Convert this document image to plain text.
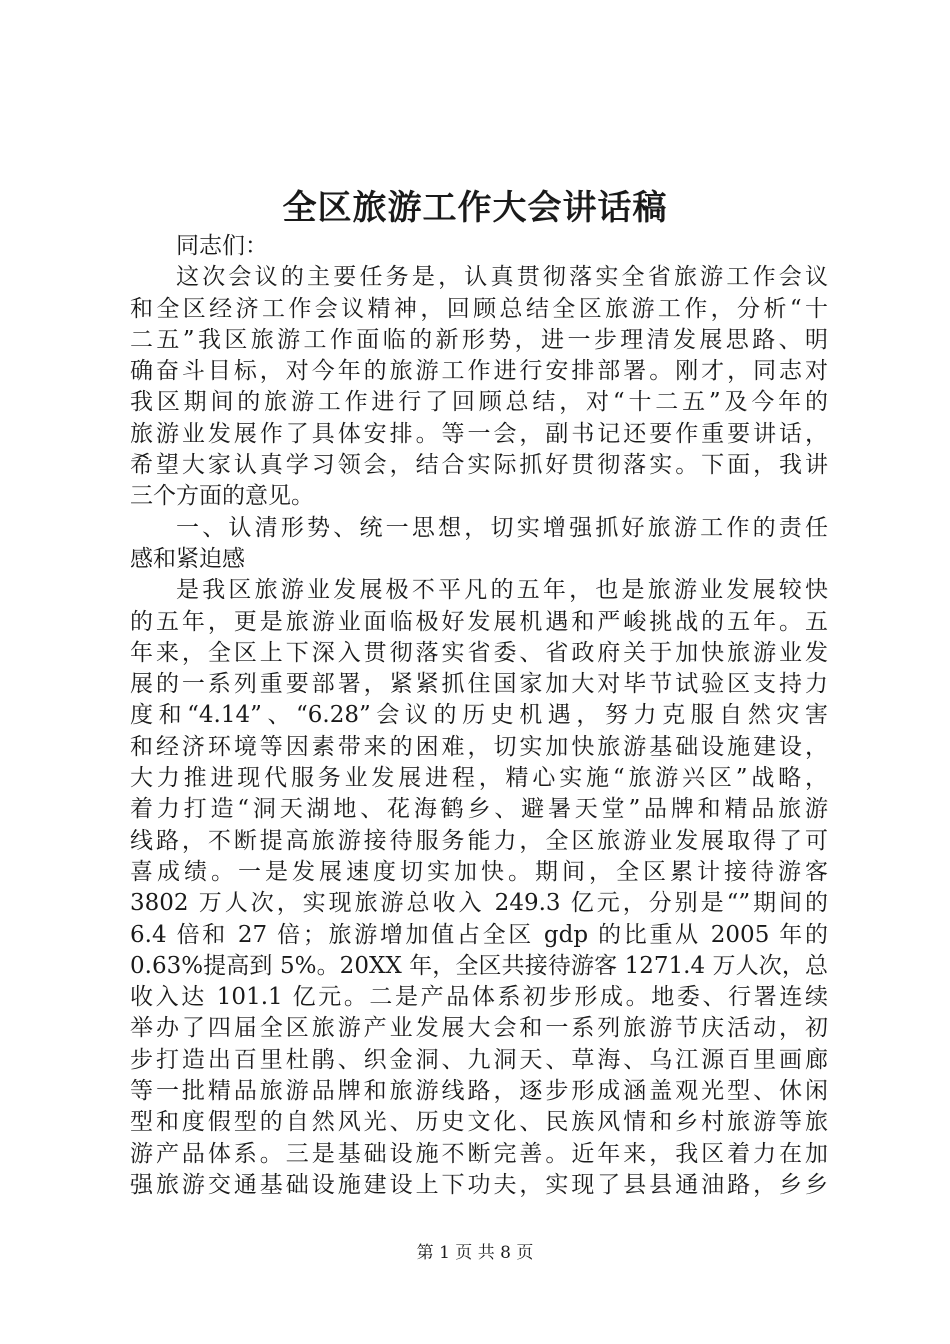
全区旅游工作大会讲话稿
同志们：
这次会议的主要任务是，认真贯彻落实全省旅游工作会议
和全区经济工作会议精神，回顾总结全区旅游工作，分析“十
二五”我区旅游工作面临的新形势，进一步理清发展思路、明
确奋斗目标，对今年的旅游工作进行安排部署。刚才，同志对
我区期间的旅游工作进行了回顾总结，对“十二五”及今年的
旅游业发展作了具体安排。等一会，副书记还要作重要讲话，
希望大家认真学习领会，结合实际抓好贯彻落实。下面，我讲
三个方面的意见。
一、认清形势、统一思想，切实增强抓好旅游工作的责任
感和紧迫感
是我区旅游业发展极不平凡的五年，也是旅游业发展较快
的五年，更是旅游业面临极好发展机遇和严峻挑战的五年。五
年来，全区上下深入贯彻落实省委、省政府关于加快旅游业发
展的一系列重要部署，紧紧抓住国家加大对毕节试验区支持力
度和“4.14”、“6.28”会议的历史机遇，努力克服自然灾害
和经济环境等因素带来的困难，切实加快旅游基础设施建设，
大力推进现代服务业发展进程，精心实施“旅游兴区”战略，
着力打造“洞天湖地、花海鹤乡、避暑天堂”品牌和精品旅游
线路，不断提高旅游接待服务能力，全区旅游业发展取得了可
喜成绩。一是发展速度切实加快。期间，全区累计接待游客
3802 万人次，实现旅游总收入 249.3 亿元，分别是“”期间的
6.4 倍和 27 倍；旅游增加值占全区 gdp 的比重从 2005 年的
0.63%提高到 5%。20XX 年，全区共接待游客 1271.4 万人次，总
收入达 101.1 亿元。二是产品体系初步形成。地委、行署连续
举办了四届全区旅游产业发展大会和一系列旅游节庆活动，初
步打造出百里杜鹃、织金洞、九洞天、草海、乌江源百里画廊
等一批精品旅游品牌和旅游线路，逐步形成涵盖观光型、休闲
型和度假型的自然风光、历史文化、民族风情和乡村旅游等旅
游产品体系。三是基础设施不断完善。近年来，我区着力在加
强旅游交通基础设施建设上下功夫，实现了县县通油路，乡乡
第 1 页 共 8 页
